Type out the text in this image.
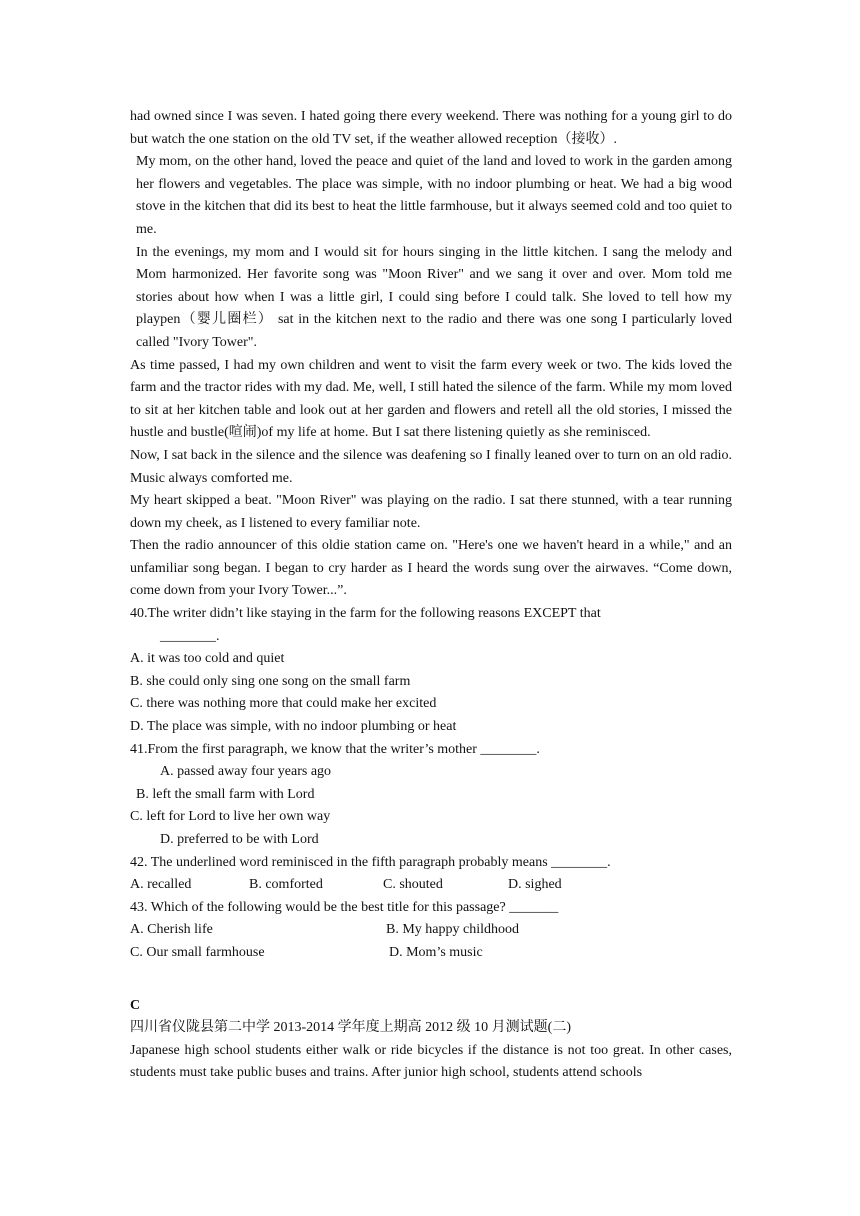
had owned since I was seven. I hated going there every weekend. There was nothing for a young girl to do but watch the one station on the old TV set, if the weather allowed reception（接收）.

My mom, on the other hand, loved the peace and quiet of the land and loved to work in the garden among her flowers and vegetables. The place was simple, with no indoor plumbing or heat. We had a big wood stove in the kitchen that did its best to heat the little farmhouse, but it always seemed cold and too quiet to me.

In the evenings, my mom and I would sit for hours singing in the little kitchen. I sang the melody and Mom harmonized. Her favorite song was "Moon River" and we sang it over and over. Mom told me stories about how when I was a little girl, I could sing before I could talk. She loved to tell how my playpen（婴儿圈栏） sat in the kitchen next to the radio and there was one song I particularly loved called "Ivory Tower".

As time passed, I had my own children and went to visit the farm every week or two. The kids loved the farm and the tractor rides with my dad. Me, well, I still hated the silence of the farm. While my mom loved to sit at her kitchen table and look out at her garden and flowers and retell all the old stories, I missed the hustle and bustle(喧闹)of my life at home. But I sat there listening quietly as she reminisced.

Now, I sat back in the silence and the silence was deafening so I finally leaned over to turn on an old radio. Music always comforted me.

My heart skipped a beat. "Moon River" was playing on the radio. I sat there stunned, with a tear running down my cheek, as I listened to every familiar note.

Then the radio announcer of this oldie station came on. "Here's one we haven't heard in a while," and an unfamiliar song began. I began to cry harder as I heard the words sung over the airwaves. “Come down, come down from your Ivory Tower...”.

40.The writer didn’t like staying in the farm for the following reasons EXCEPT that

________.

A. it was too cold and quiet

B. she could only sing one song on the small farm

C. there was nothing more that could make her excited

D. The place was simple, with no indoor plumbing or heat

41.From the first paragraph, we know that the writer’s mother ________.

A. passed away four years ago

B. left the small farm with Lord

C. left for Lord to live her own way

D. preferred to be with Lord

42. The underlined word reminisced in the fifth paragraph probably means ________.

A. recalled	B. comforted	C. shouted	D. sighed

43. Which of the following would be the best title for this passage? _______

A. Cherish life	B. My happy childhood
C. Our small farmhouse	D. Mom’s music

C

四川省仪陇县第二中学 2013-2014 学年度上期高 2012 级 10 月测试题(二)

Japanese high school students either walk or ride bicycles if the distance is not too great. In other cases, students must take public buses and trains. After junior high school, students attend schools
